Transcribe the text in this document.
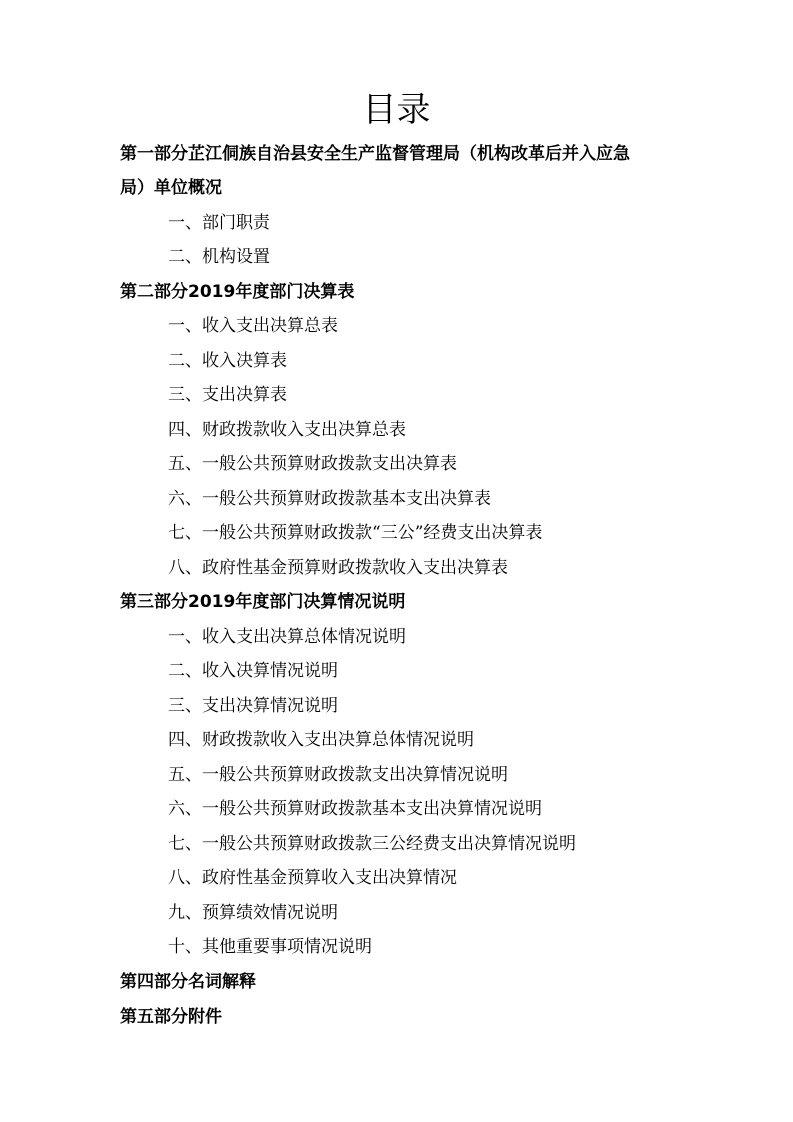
目录
第一部分芷江侗族自治县安全生产监督管理局（机构改革后并入应急
局）单位概况
一、部门职责
二、机构设置
第二部分2019年度部门决算表
一、收入支出决算总表
二、收入决算表
三、支出决算表
四、财政拨款收入支出决算总表
五、一般公共预算财政拨款支出决算表
六、一般公共预算财政拨款基本支出决算表
七、一般公共预算财政拨款“三公”经费支出决算表
八、政府性基金预算财政拨款收入支出决算表
第三部分2019年度部门决算情况说明
一、收入支出决算总体情况说明
二、收入决算情况说明
三、支出决算情况说明
四、财政拨款收入支出决算总体情况说明
五、一般公共预算财政拨款支出决算情况说明
六、一般公共预算财政拨款基本支出决算情况说明
七、一般公共预算财政拨款三公经费支出决算情况说明
八、政府性基金预算收入支出决算情况
九、预算绩效情况说明
十、其他重要事项情况说明
第四部分名词解释
第五部分附件
